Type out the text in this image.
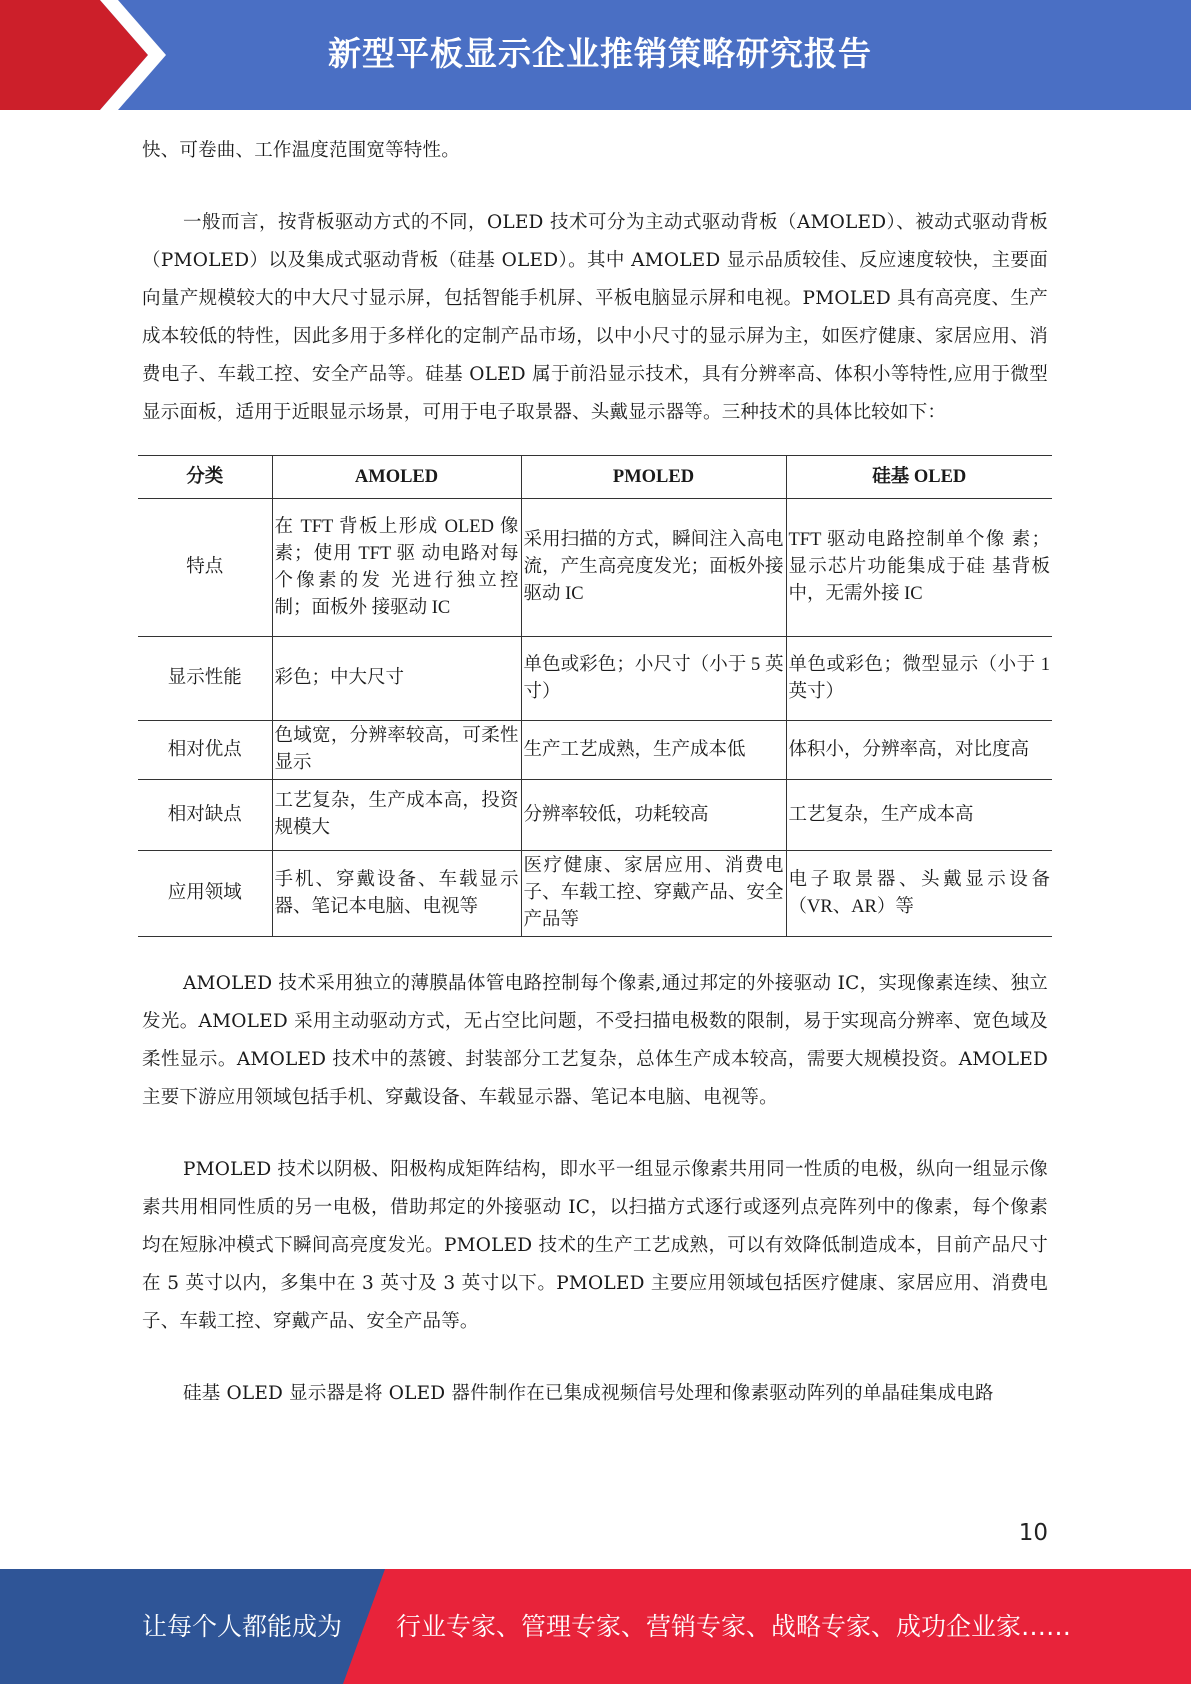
新型平板显示企业推销策略研究报告

快、可卷曲、工作温度范围宽等特性。

一般而言，按背板驱动方式的不同，OLED 技术可分为主动式驱动背板（AMOLED）、被动式驱动背板（PMOLED）以及集成式驱动背板（硅基 OLED）。其中 AMOLED 显示品质较佳、反应速度较快，主要面向量产规模较大的中大尺寸显示屏，包括智能手机屏、平板电脑显示屏和电视。PMOLED 具有高亮度、生产成本较低的特性，因此多用于多样化的定制产品市场，以中小尺寸的显示屏为主，如医疗健康、家居应用、消费电子、车载工控、安全产品等。硅基 OLED 属于前沿显示技术，具有分辨率高、体积小等特性,应用于微型显示面板，适用于近眼显示场景，可用于电子取景器、头戴显示器等。三种技术的具体比较如下：

分类	AMOLED	PMOLED	硅基 OLED
特点	在 TFT 背板上形成 OLED 像素；使用 TFT 驱 动电路对每个像素的发 光进行独立控制；面板外 接驱动 IC	采用扫描的方式，瞬间注入高电流，产生高亮度发光；面板外接驱动 IC	TFT 驱动电路控制单个像 素；显示芯片功能集成于硅 基背板中，无需外接 IC
显示性能	彩色；中大尺寸	单色或彩色；小尺寸（小于 5 英寸）	单色或彩色；微型显示（小于 1 英寸）
相对优点	色域宽，分辨率较高，可柔性显示	生产工艺成熟，生产成本低	体积小，分辨率高，对比度高
相对缺点	工艺复杂，生产成本高，投资规模大	分辨率较低，功耗较高	工艺复杂，生产成本高
应用领域	手机、穿戴设备、车载显示器、笔记本电脑、电视等	医疗健康、家居应用、消费电子、车载工控、穿戴产品、安全产品等	电子取景器、头戴显示设备（VR、AR）等

AMOLED 技术采用独立的薄膜晶体管电路控制每个像素,通过邦定的外接驱动 IC，实现像素连续、独立发光。AMOLED 采用主动驱动方式，无占空比问题，不受扫描电极数的限制，易于实现高分辨率、宽色域及柔性显示。AMOLED 技术中的蒸镀、封装部分工艺复杂，总体生产成本较高，需要大规模投资。AMOLED 主要下游应用领域包括手机、穿戴设备、车载显示器、笔记本电脑、电视等。

PMOLED 技术以阴极、阳极构成矩阵结构，即水平一组显示像素共用同一性质的电极，纵向一组显示像素共用相同性质的另一电极，借助邦定的外接驱动 IC，以扫描方式逐行或逐列点亮阵列中的像素，每个像素均在短脉冲模式下瞬间高亮度发光。PMOLED 技术的生产工艺成熟，可以有效降低制造成本，目前产品尺寸在 5 英寸以内，多集中在 3 英寸及 3 英寸以下。PMOLED 主要应用领域包括医疗健康、家居应用、消费电子、车载工控、穿戴产品、安全产品等。

硅基 OLED 显示器是将 OLED 器件制作在已集成视频信号处理和像素驱动阵列的单晶硅集成电路

10
让每个人都能成为 行业专家、管理专家、营销专家、战略专家、成功企业家……
